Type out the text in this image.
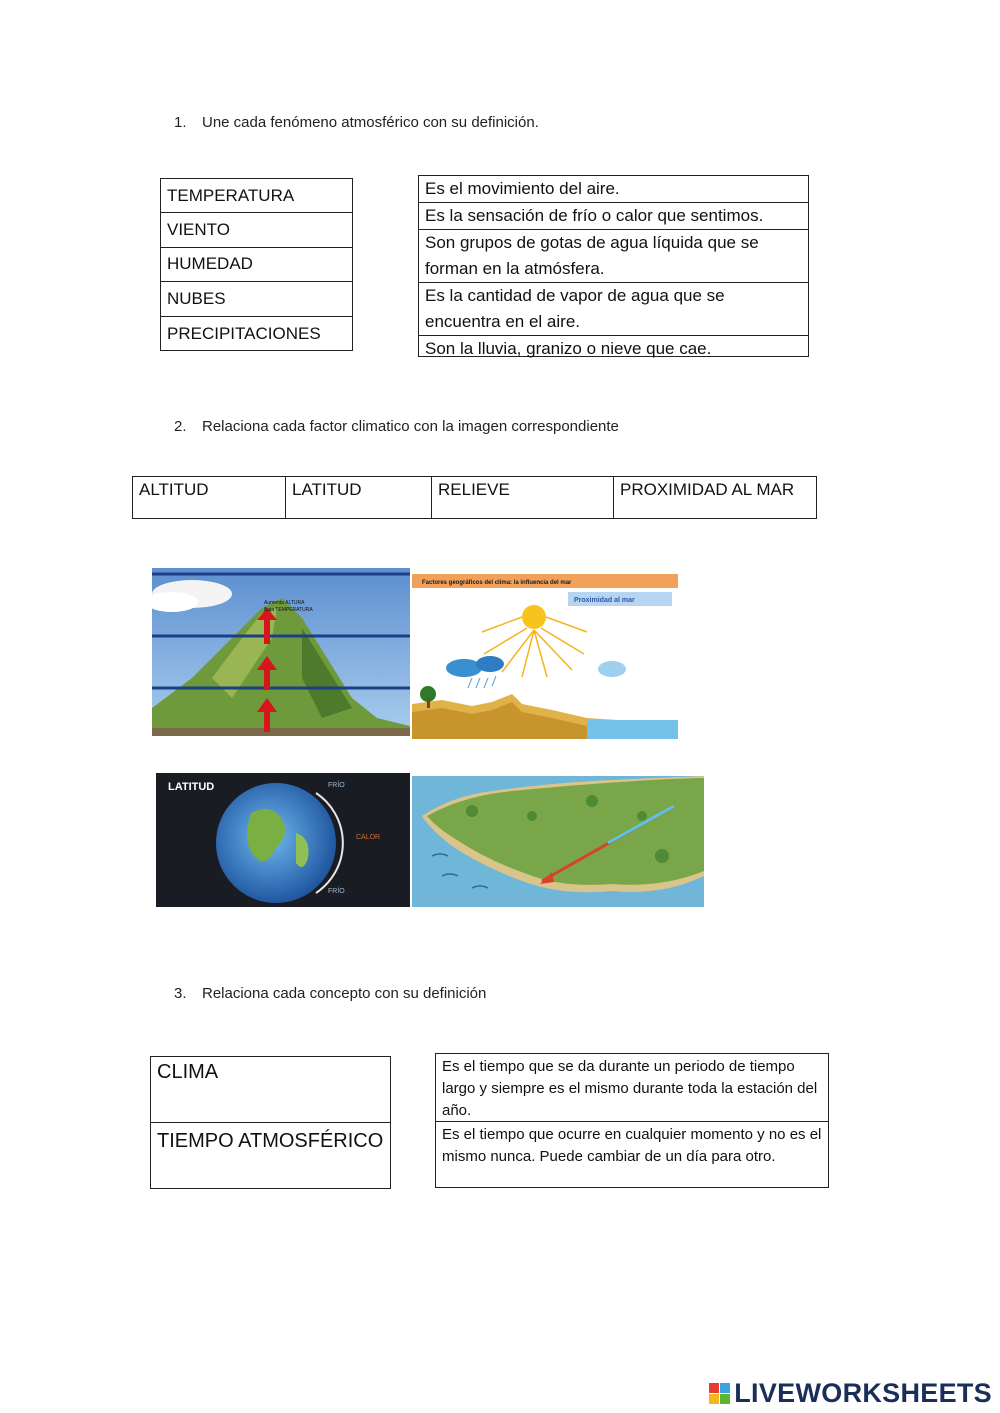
1. Une cada fenómeno atmosférico con su definición.
TEMPERATURA
VIENTO
HUMEDAD
NUBES
PRECIPITACIONES
Es el movimiento del aire.
Es la sensación de frío o calor que sentimos.
Son grupos de gotas de agua líquida que se forman en la atmósfera.
Es la cantidad de vapor de agua que se encuentra en el aire.
Son la lluvia, granizo o nieve que cae.
2. Relaciona cada factor climatico con la imagen correspondiente
ALTITUD	LATITUD	RELIEVE	PROXIMIDAD AL MAR
Aumenta ALTURA
Baja TEMPERATURA
Factores geográficos del clima: la influencia del mar
Proximidad al mar
LATITUD	FRÍO
CALOR
FRÍO
3. Relaciona cada concepto con su definición
CLIMA
TIEMPO ATMOSFÉRICO
Es el tiempo que se da durante un periodo de tiempo largo y siempre es el mismo durante toda la estación del año.
Es el tiempo que ocurre en cualquier momento y no es el mismo nunca. Puede cambiar de un día para otro.
LIVEWORKSHEETS
